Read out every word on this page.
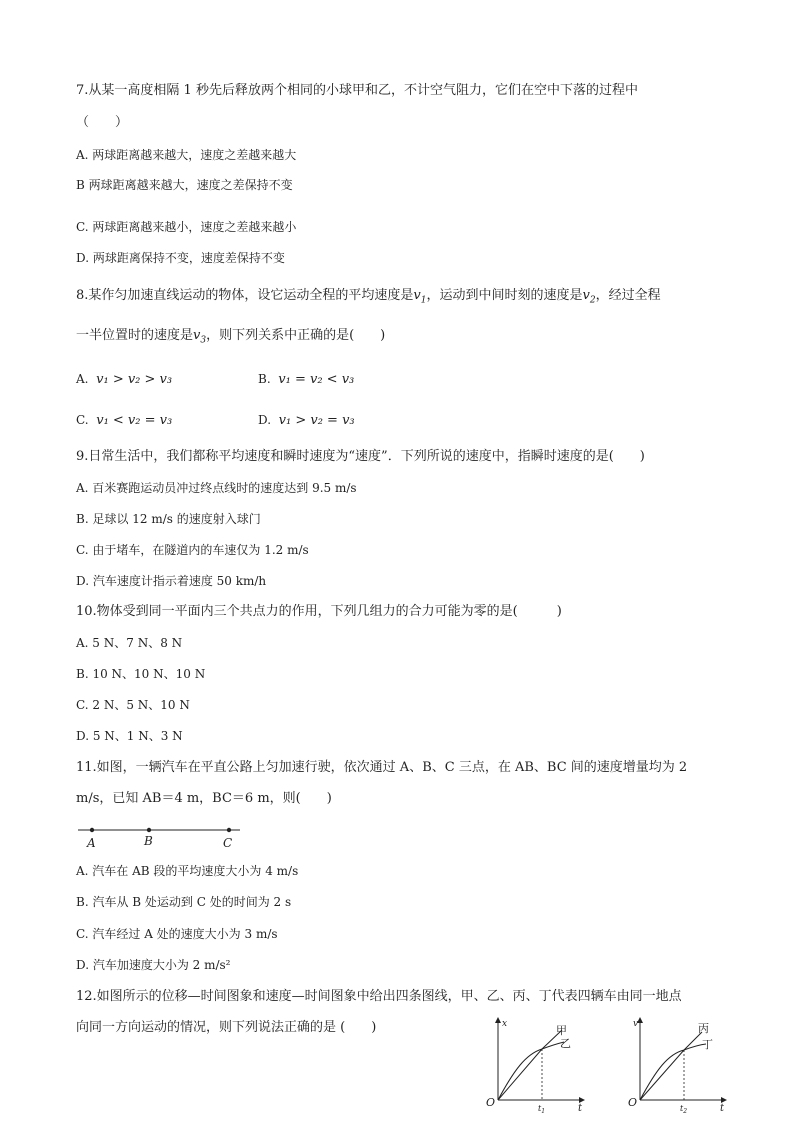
7.从某一高度相隔 1 秒先后释放两个相同的小球甲和乙，不计空气阻力，它们在空中下落的过程中
（　　）
A. 两球距离越来越大，速度之差越来越大
B 两球距离越来越大，速度之差保持不变
C. 两球距离越来越小，速度之差越来越小
D. 两球距离保持不变，速度差保持不变
8.某作匀加速直线运动的物体，设它运动全程的平均速度是$v_1$，运动到中间时刻的速度是$v_2$，经过全程
一半位置时的速度是$v_3$，则下列关系中正确的是(　　)
A. v₁ > v₂ > v₃	B. v₁ = v₂ < v₃
C. v₁ < v₂ = v₃	D. v₁ > v₂ = v₃
9.日常生活中，我们都称平均速度和瞬时速度为“速度”．下列所说的速度中，指瞬时速度的是(　　)
A. 百米赛跑运动员冲过终点线时的速度达到 9.5 m/s
B. 足球以 12 m/s 的速度射入球门
C. 由于堵车，在隧道内的车速仅为 1.2 m/s
D. 汽车速度计指示着速度 50 km/h
10.物体受到同一平面内三个共点力的作用，下列几组力的合力可能为零的是(　　　)
A. 5 N、7 N、8 N
B. 10 N、10 N、10 N
C. 2 N、5 N、10 N
D. 5 N、1 N、3 N
11.如图，一辆汽车在平直公路上匀加速行驶，依次通过 A、B、C 三点，在 AB、BC 间的速度增量均为 2
m/s，已知 AB＝4 m，BC＝6 m，则(　　)
A	B	C
A. 汽车在 AB 段的平均速度大小为 4 m/s
B. 汽车从 B 处运动到 C 处的时间为 2 s
C. 汽车经过 A 处的速度大小为 3 m/s
D. 汽车加速度大小为 2 m/s²
12.如图所示的位移—时间图象和速度—时间图象中给出四条图线，甲、乙、丙、丁代表四辆车由同一地点
向同一方向运动的情况，则下列说法正确的是 (　　)	x
t
O	$t_1$
甲
乙
v
t
O	$t_2$
丙
丁
